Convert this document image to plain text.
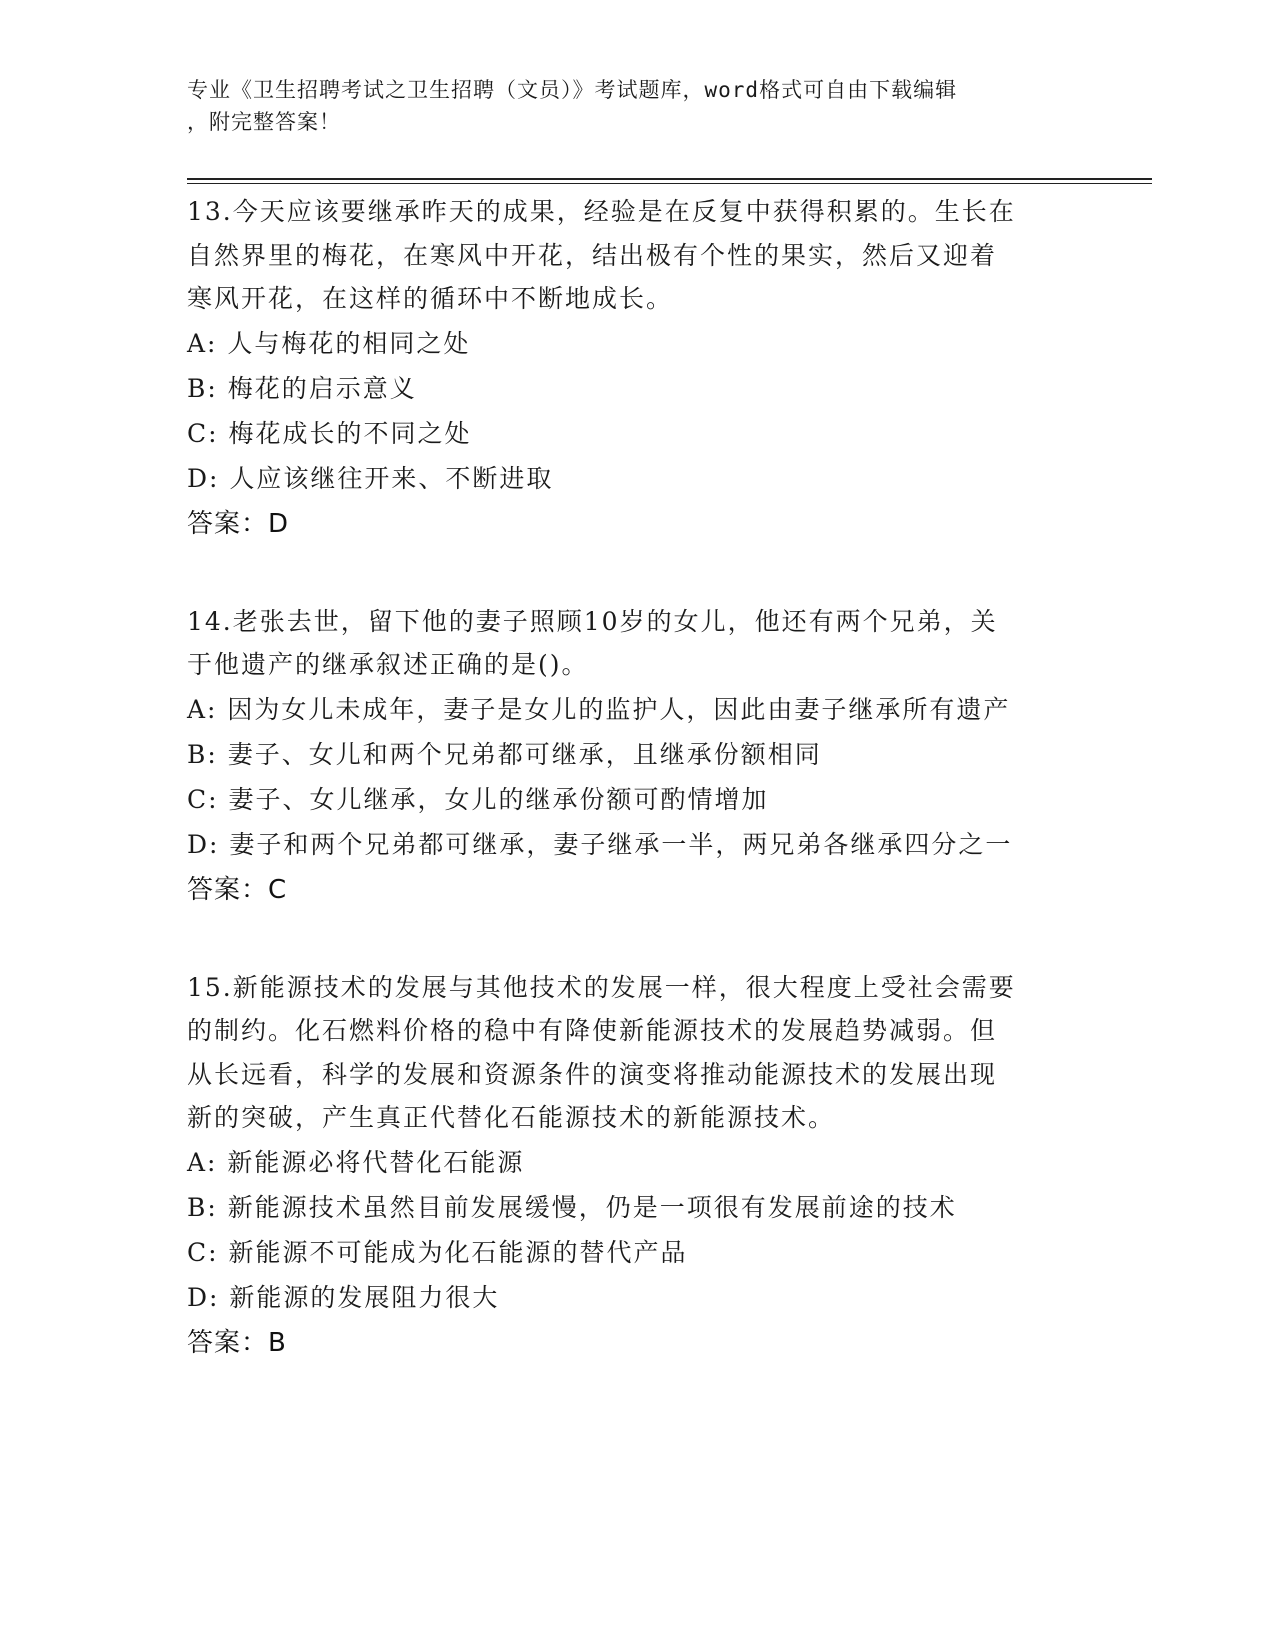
专业《卫生招聘考试之卫生招聘（文员）》考试题库，word格式可自由下载编辑
，附完整答案！
13.今天应该要继承昨天的成果，经验是在反复中获得积累的。生长在
自然界里的梅花，在寒风中开花，结出极有个性的果实，然后又迎着
寒风开花，在这样的循环中不断地成长。
A: 人与梅花的相同之处
B: 梅花的启示意义
C: 梅花成长的不同之处
D: 人应该继往开来、不断进取
答案：D
14.老张去世，留下他的妻子照顾10岁的女儿，他还有两个兄弟，关
于他遗产的继承叙述正确的是()。
A: 因为女儿未成年，妻子是女儿的监护人，因此由妻子继承所有遗产
B: 妻子、女儿和两个兄弟都可继承，且继承份额相同
C: 妻子、女儿继承，女儿的继承份额可酌情增加
D: 妻子和两个兄弟都可继承，妻子继承一半，两兄弟各继承四分之一
答案：C
15.新能源技术的发展与其他技术的发展一样，很大程度上受社会需要
的制约。化石燃料价格的稳中有降使新能源技术的发展趋势减弱。但
从长远看，科学的发展和资源条件的演变将推动能源技术的发展出现
新的突破，产生真正代替化石能源技术的新能源技术。
A: 新能源必将代替化石能源
B: 新能源技术虽然目前发展缓慢，仍是一项很有发展前途的技术
C: 新能源不可能成为化石能源的替代产品
D: 新能源的发展阻力很大
答案：B
